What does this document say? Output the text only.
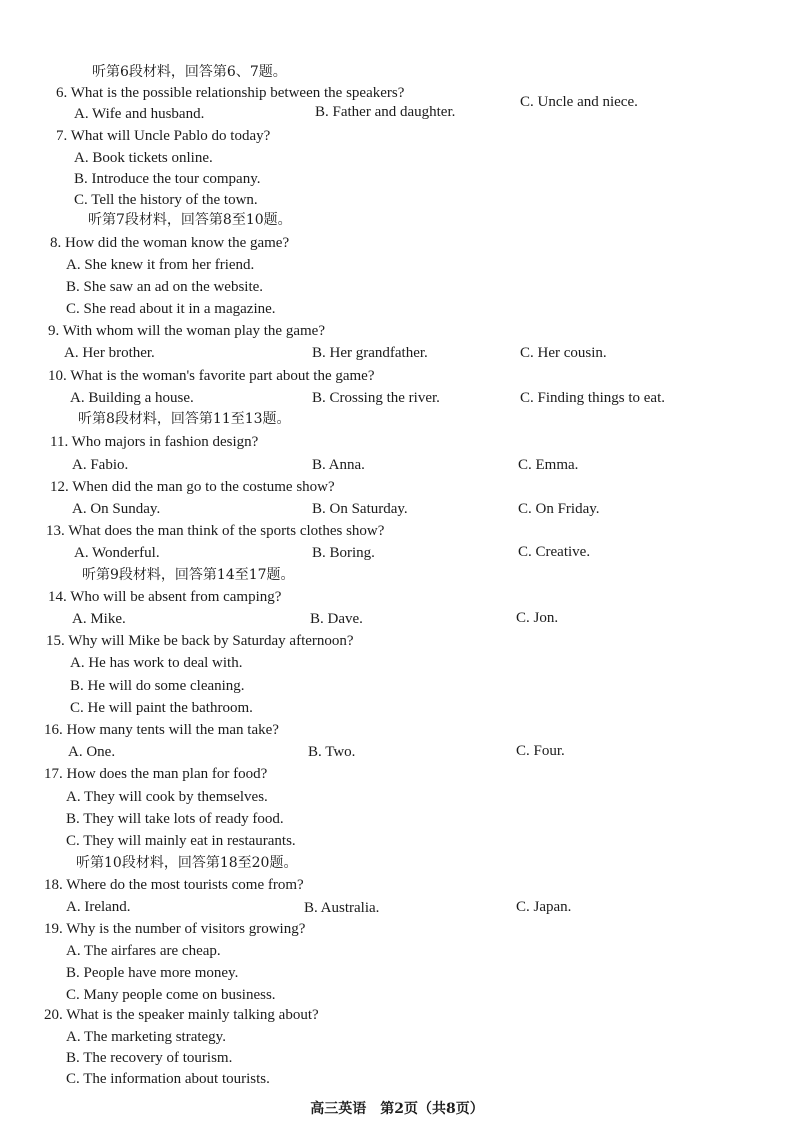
听第6段材料，回答第6、7题。
6. What is the possible relationship between the speakers?
A. Wife and husband.	B. Father and daughter.
C. Uncle and niece.
7. What will Uncle Pablo do today?
A. Book tickets online.
B. Introduce the tour company.
C. Tell the history of the town.
听第7段材料，回答第8至10题。
8. How did the woman know the game?
A. She knew it from her friend.
B. She saw an ad on the website.
C. She read about it in a magazine.
9. With whom will the woman play the game?
A. Her brother.	B. Her grandfather.	C. Her cousin.
10. What is the woman's favorite part about the game?
A. Building a house.	B. Crossing the river.	C. Finding things to eat.
听第8段材料，回答第11至13题。
11. Who majors in fashion design?
A. Fabio.	B. Anna.	C. Emma.
12. When did the man go to the costume show?
A. On Sunday.	B. On Saturday.	C. On Friday.
13. What does the man think of the sports clothes show?
A. Wonderful.	B. Boring.	C. Creative.
听第9段材料，回答第14至17题。
14. Who will be absent from camping?
A. Mike.	B. Dave.	C. Jon.
15. Why will Mike be back by Saturday afternoon?
A. He has work to deal with.
B. He will do some cleaning.
C. He will paint the bathroom.
16. How many tents will the man take?
A. One.	B. Two.	C. Four.
17. How does the man plan for food?
A. They will cook by themselves.
B. They will take lots of ready food.
C. They will mainly eat in restaurants.
听第10段材料，回答第18至20题。
18. Where do the most tourists come from?
A. Ireland.	B. Australia.	C. Japan.
19. Why is the number of visitors growing?
A. The airfares are cheap.
B. People have more money.
C. Many people come on business.
20. What is the speaker mainly talking about?
A. The marketing strategy.
B. The recovery of tourism.
C. The information about tourists.
高三英语　第2页（共8页）
